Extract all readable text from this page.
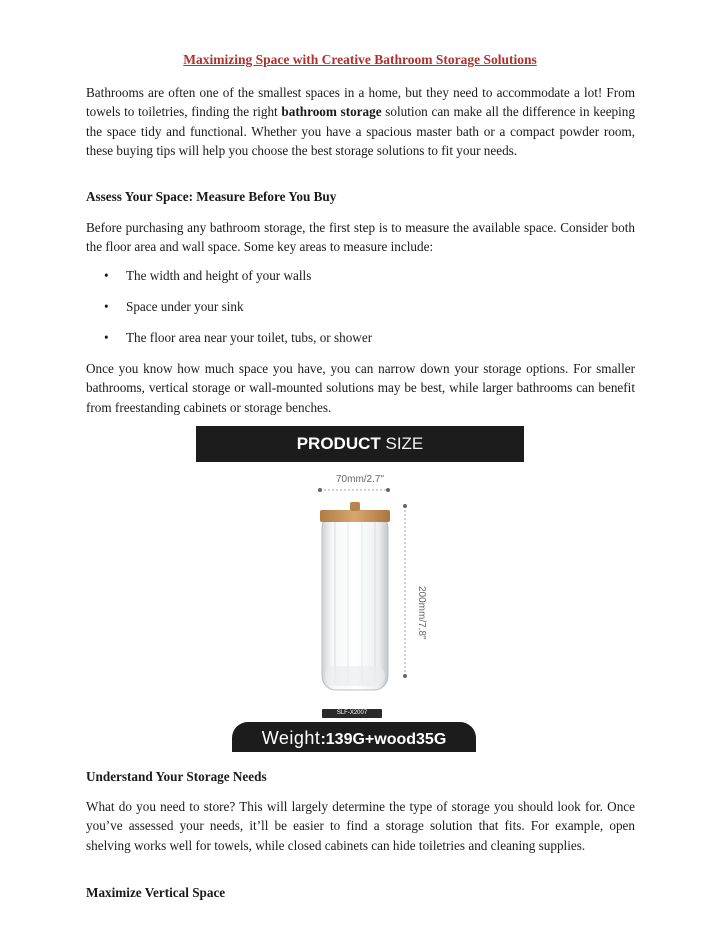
Maximizing Space with Creative Bathroom Storage Solutions

Bathrooms are often one of the smallest spaces in a home, but they need to accommodate a lot! From towels to toiletries, finding the right bathroom storage solution can make all the difference in keeping the space tidy and functional. Whether you have a spacious master bath or a compact powder room, these buying tips will help you choose the best storage solutions to fit your needs.

Assess Your Space: Measure Before You Buy

Before purchasing any bathroom storage, the first step is to measure the available space. Consider both the floor area and wall space. Some key areas to measure include:

• The width and height of your walls
• Space under your sink
• The floor area near your toilet, tubs, or shower

Once you know how much space you have, you can narrow down your storage options. For smaller bathrooms, vertical storage or wall-mounted solutions may be best, while larger bathrooms can benefit from freestanding cabinets or storage benches.

PRODUCT SIZE
70mm/2.7"
200mm/7.8"
SLF-X2007
Weight:139G+wood35G

Understand Your Storage Needs

What do you need to store? This will largely determine the type of storage you should look for. Once you’ve assessed your needs, it’ll be easier to find a storage solution that fits. For example, open shelving works well for towels, while closed cabinets can hide toiletries and cleaning supplies.

Maximize Vertical Space
